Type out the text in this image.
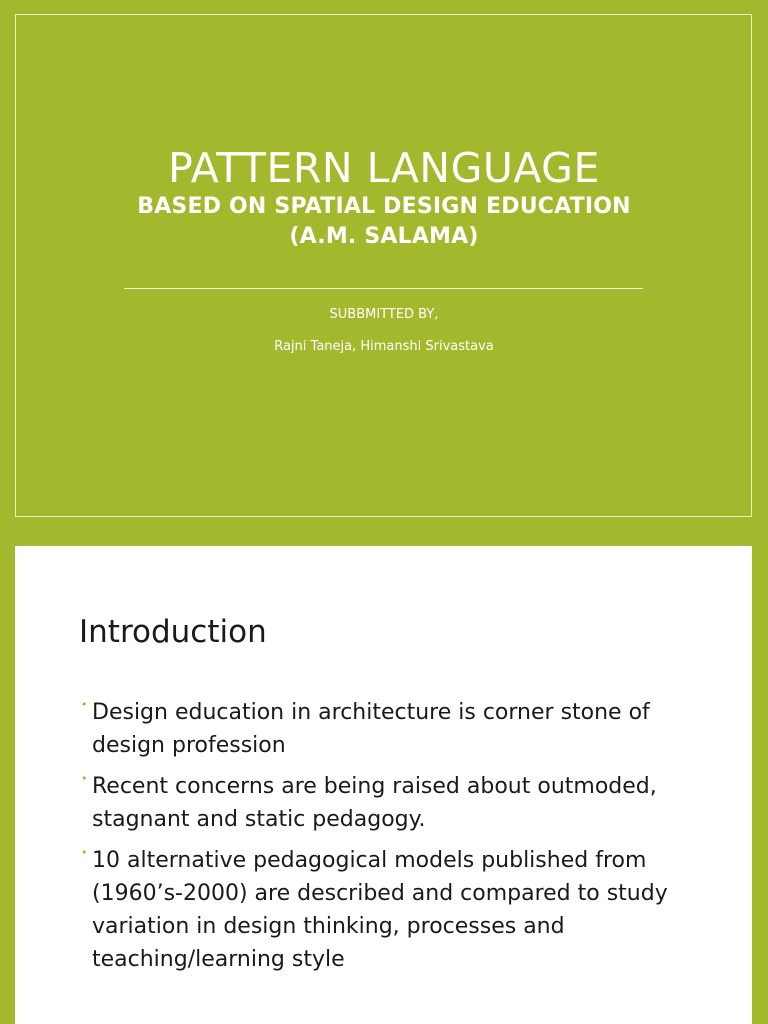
PATTERN LANGUAGE
BASED ON SPATIAL DESIGN EDUCATION
(A.M. SALAMA)
SUBBMITTED BY,
Rajni Taneja, Himanshi Srivastava
Introduction
• Design education in architecture is corner stone of design profession
• Recent concerns are being raised about outmoded, stagnant and static pedagogy.
• 10 alternative pedagogical models published from (1960’s-2000) are described and compared to study variation in design thinking, processes and teaching/learning style
